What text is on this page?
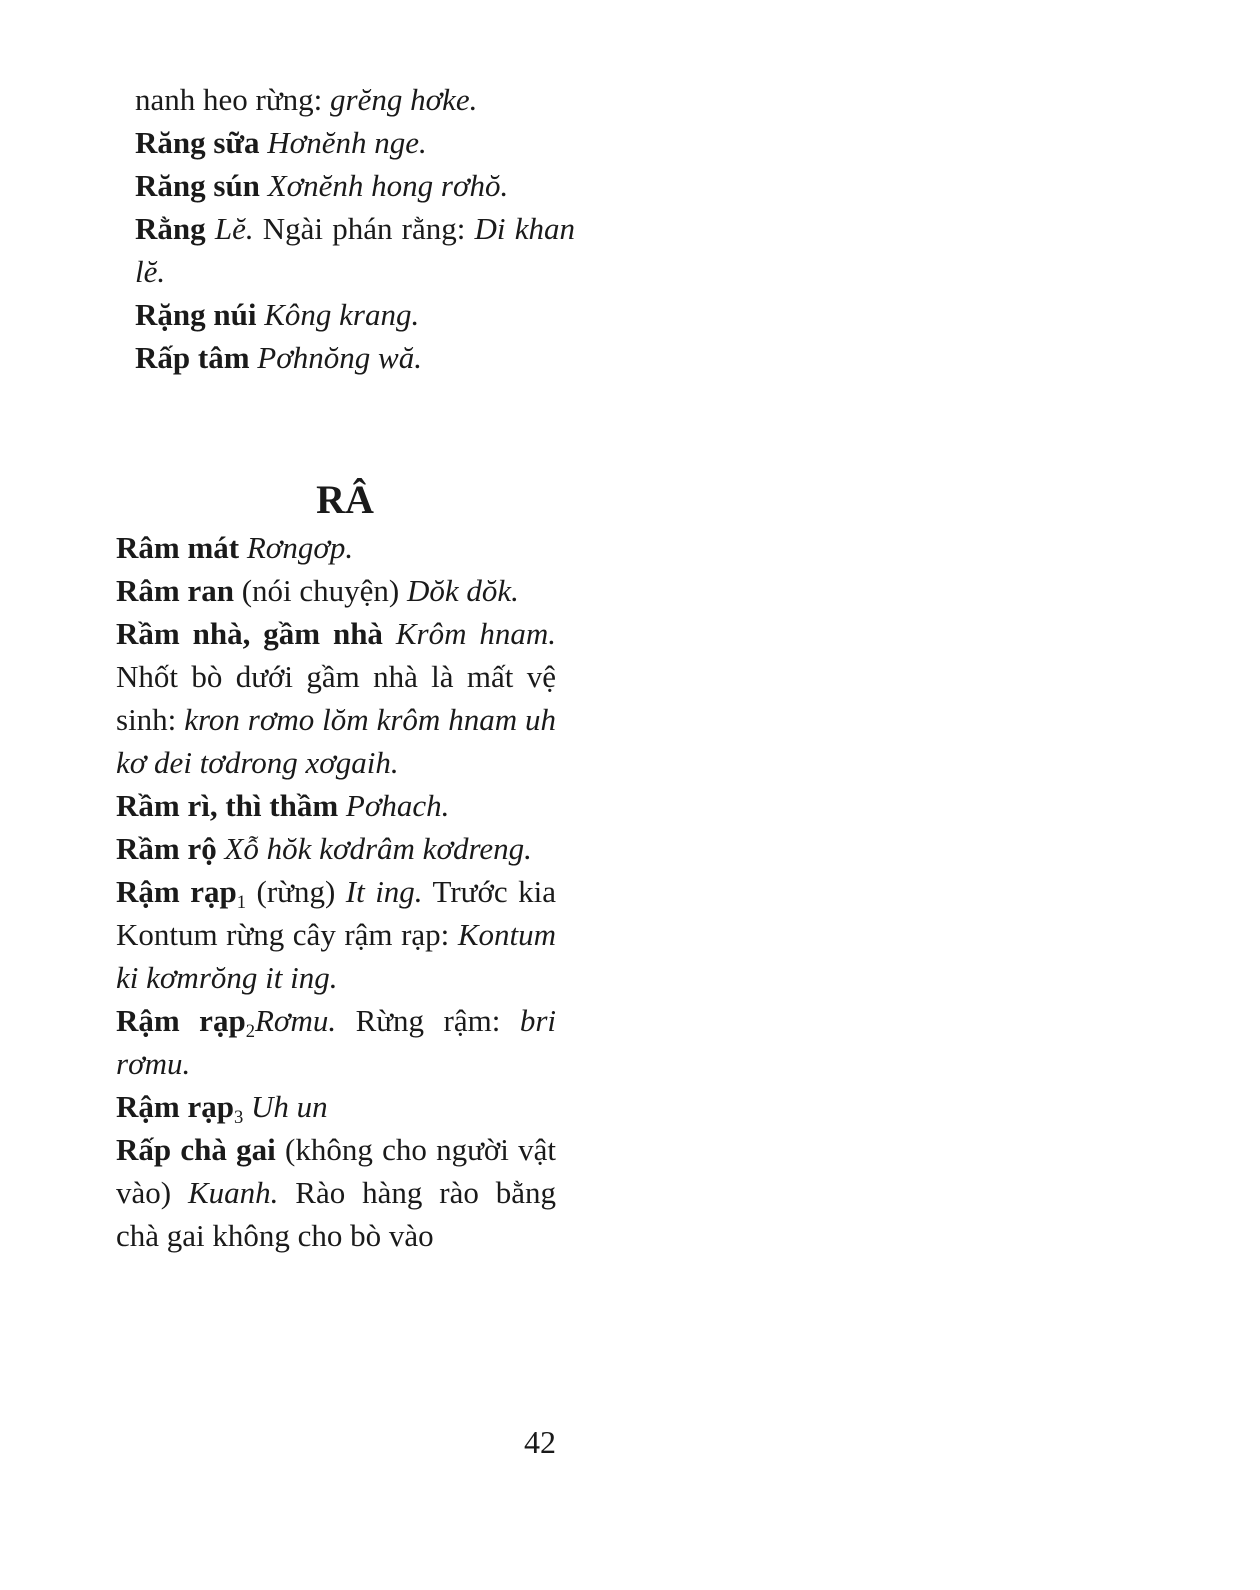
nanh heo rừng: grĕng hơke.

Răng sữa Hơnĕnh nge.

Răng sún Xơnĕnh hong rơhŏ.

Rằng Lĕ. Ngài phán rằng: Di khan lĕ.

Rặng núi Kông krang.

Rấp tâm Pơhnŏng wă.

RÂ

Râm mát Rơngơp.

Râm ran (nói chuyện) Dŏk dŏk.

Rầm nhà, gầm nhà Krôm hnam. Nhốt bò dưới gầm nhà là mất vệ sinh: kron rơmo lŏm krôm hnam uh kơ dei tơdrong xơgaih.

Rầm rì, thì thầm Pơhach.

Rầm rộ Xỗ hŏk kơdrâm kơdreng.

Rậm rạp$_1$ (rừng) It ing. Trước kia Kontum rừng cây rậm rạp: Kontum ki kơmrŏng it ing.

Rậm rạp$_2$Rơmu. Rừng rậm: bri rơmu.

Rậm rạp$_3$ Uh un

Rấp chà gai (không cho người vật vào) Kuanh. Rào hàng rào bằng chà gai không cho bò vào

42
